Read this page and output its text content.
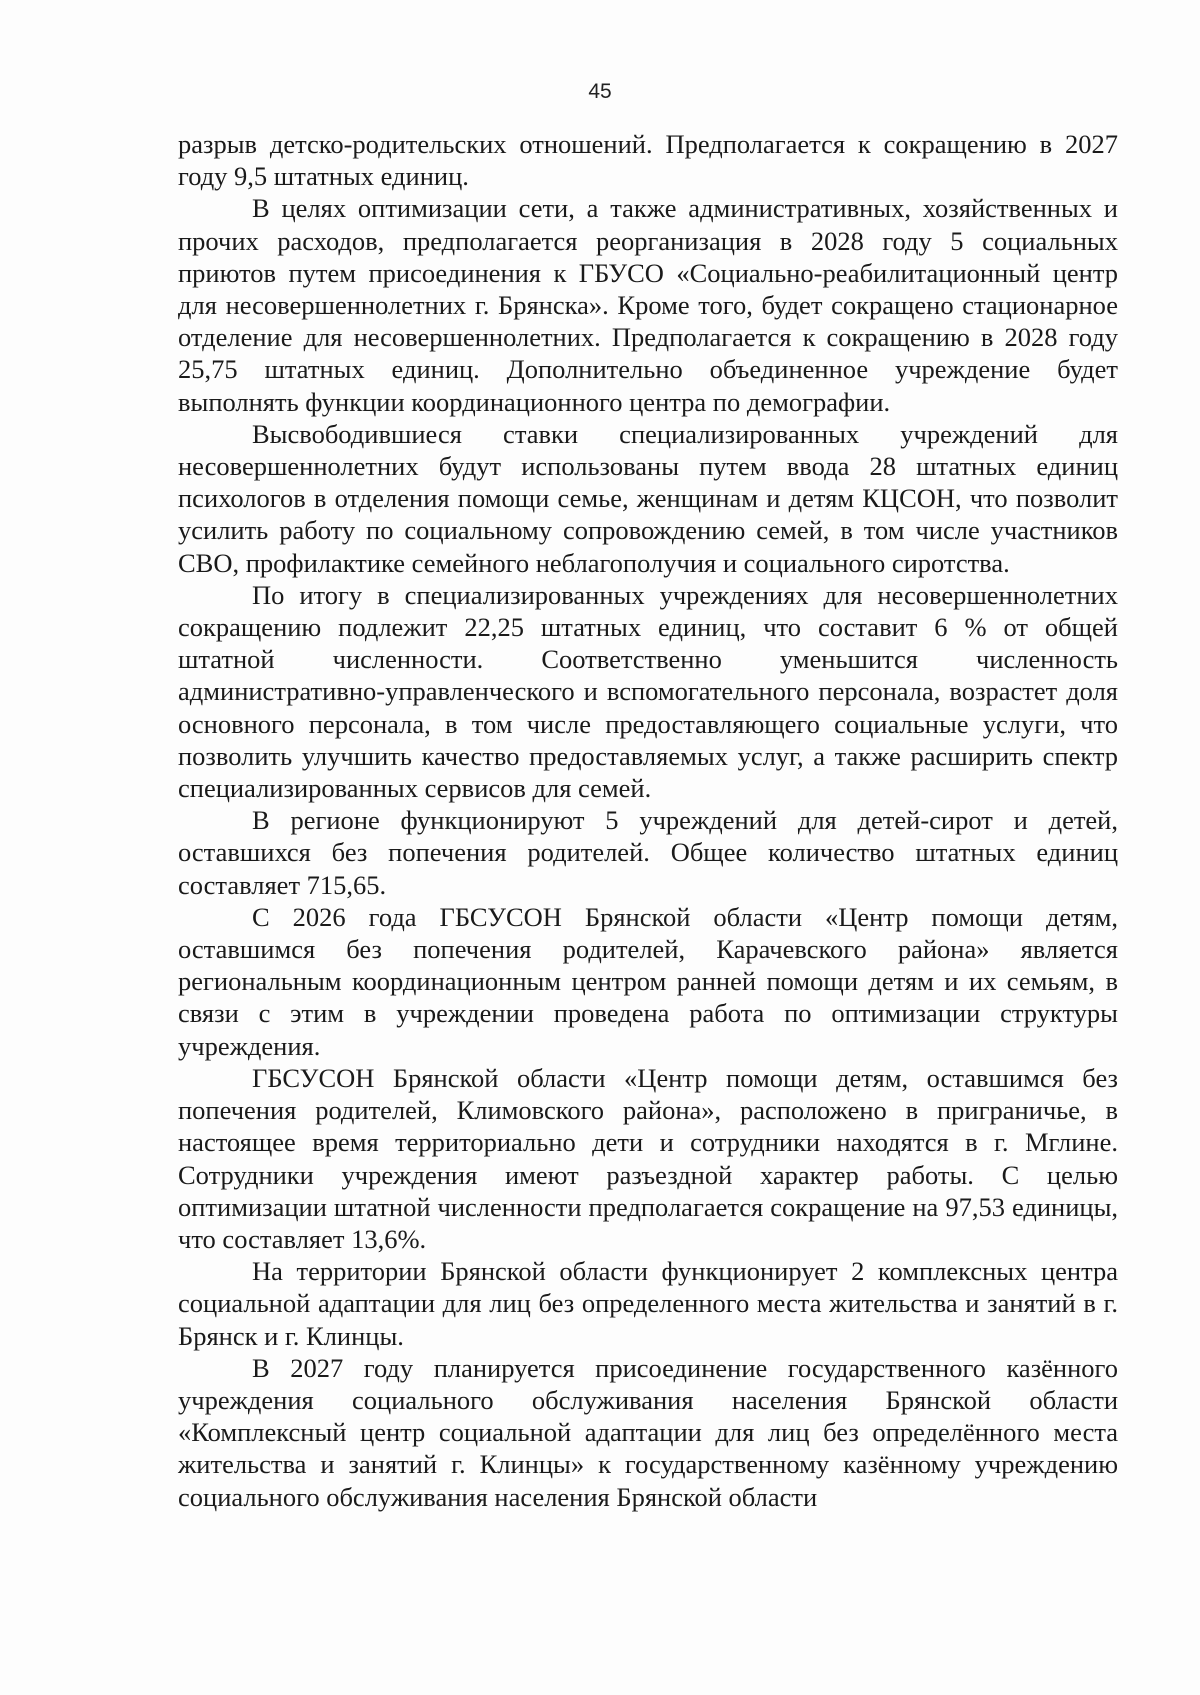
45

разрыв детско-родительских отношений. Предполагается к сокращению в 2027 году 9,5 штатных единиц.

В целях оптимизации сети, а также административных, хозяйственных и прочих расходов, предполагается реорганизация в 2028 году 5 социальных приютов путем присоединения к ГБУСО «Социально-реабилитационный центр для несовершеннолетних г. Брянска». Кроме того, будет сокращено стационарное отделение для несовершеннолетних. Предполагается к сокращению в 2028 году 25,75 штатных единиц. Дополнительно объединенное учреждение будет выполнять функции координационного центра по демографии.

Высвободившиеся ставки специализированных учреждений для несовершеннолетних будут использованы путем ввода 28 штатных единиц психологов в отделения помощи семье, женщинам и детям КЦСОН, что позволит усилить работу по социальному сопровождению семей, в том числе участников СВО, профилактике семейного неблагополучия и социального сиротства.

По итогу в специализированных учреждениях для несовершеннолетних сокращению подлежит 22,25 штатных единиц, что составит 6 % от общей штатной численности. Соответственно уменьшится численность административно-управленческого и вспомогательного персонала, возрастет доля основного персонала, в том числе предоставляющего социальные услуги, что позволить улучшить качество предоставляемых услуг, а также расширить спектр специализированных сервисов для семей.

В регионе функционируют 5 учреждений для детей-сирот и детей, оставшихся без попечения родителей. Общее количество штатных единиц составляет 715,65.

С 2026 года ГБСУСОН Брянской области «Центр помощи детям, оставшимся без попечения родителей, Карачевского района» является региональным координационным центром ранней помощи детям и их семьям, в связи с этим в учреждении проведена работа по оптимизации структуры учреждения.

ГБСУСОН Брянской области «Центр помощи детям, оставшимся без попечения родителей, Климовского района», расположено в приграничье, в настоящее время территориально дети и сотрудники находятся в г. Мглине. Сотрудники учреждения имеют разъездной характер работы. С целью оптимизации штатной численности предполагается сокращение на 97,53 единицы, что составляет 13,6%.

На территории Брянской области функционирует 2 комплексных центра социальной адаптации для лиц без определенного места жительства и занятий в г. Брянск и г. Клинцы.

В 2027 году планируется присоединение государственного казённого учреждения социального обслуживания населения Брянской области «Комплексный центр социальной адаптации для лиц без определённого места жительства и занятий г. Клинцы» к государственному казённому учреждению социального обслуживания населения Брянской области
